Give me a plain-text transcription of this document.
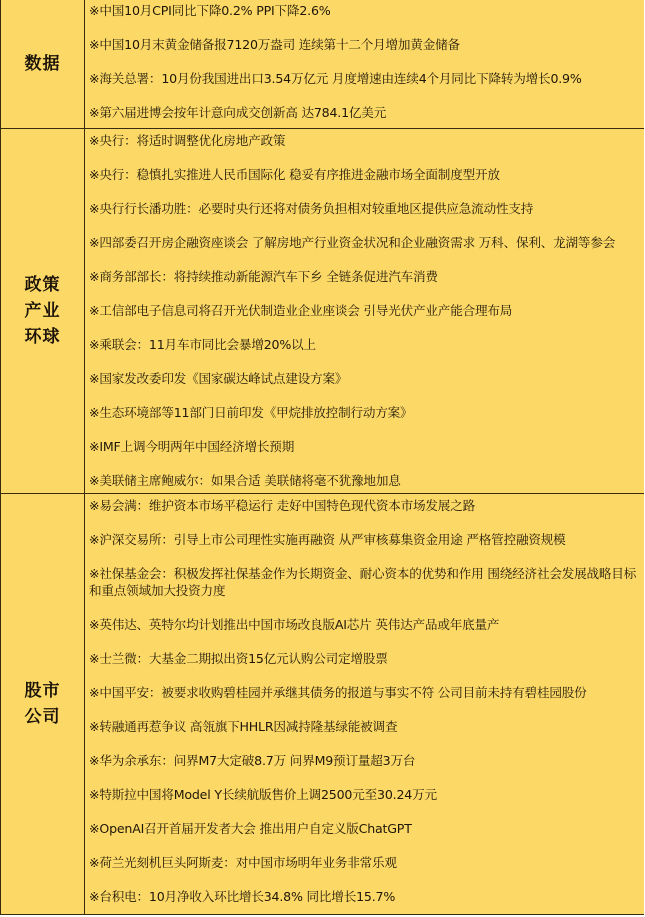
数据
※ 中国10月CPI同比下降0.2% PPI下降2.6%
※ 中国10月末黄金储备报7120万盎司 连续第十二个月增加黄金储备
※ 海关总署：10月份我国进出口3.54万亿元 月度增速由连续4个月同比下降转为增长0.9%
※ 第六届进博会按年计意向成交创新高 达784.1亿美元
政策产业环球
※ 央行：将适时调整优化房地产政策
※ 央行：稳慎扎实推进人民币国际化 稳妥有序推进金融市场全面制度型开放
※ 央行行长潘功胜：必要时央行还将对债务负担相对较重地区提供应急流动性支持
※ 四部委召开房企融资座谈会 了解房地产行业资金状况和企业融资需求 万科、保利、龙湖等参会
※ 商务部部长：将持续推动新能源汽车下乡 全链条促进汽车消费
※ 工信部电子信息司将召开光伏制造业企业座谈会 引导光伏产业产能合理布局
※ 乘联会：11月车市同比会暴增20%以上
※ 国家发改委印发《国家碳达峰试点建设方案》
※ 生态环境部等11部门日前印发《甲烷排放控制行动方案》
※ IMF上调今明两年中国经济增长预期
※ 美联储主席鲍威尔：如果合适 美联储将毫不犹豫地加息
股市公司
※ 易会满：维护资本市场平稳运行 走好中国特色现代资本市场发展之路
※ 沪深交易所：引导上市公司理性实施再融资 从严审核募集资金用途 严格管控融资规模
※ 社保基金会：积极发挥社保基金作为长期资金、耐心资本的优势和作用 围绕经济社会发展战略目标和重点领域加大投资力度
※ 英伟达、英特尔均计划推出中国市场改良版AI芯片 英伟达产品或年底量产
※ 士兰微：大基金二期拟出资15亿元认购公司定增股票
※ 中国平安：被要求收购碧桂园并承继其债务的报道与事实不符 公司目前未持有碧桂园股份
※ 转融通再惹争议 高瓴旗下HHLR因减持隆基绿能被调查
※ 华为余承东：问界M7大定破8.7万 问界M9预订量超3万台
※ 特斯拉中国将Model Y长续航版售价上调2500元至30.24万元
※ OpenAI召开首届开发者大会 推出用户自定义版ChatGPT
※ 荷兰光刻机巨头阿斯麦：对中国市场明年业务非常乐观
※ 台积电：10月净收入环比增长34.8% 同比增长15.7%
